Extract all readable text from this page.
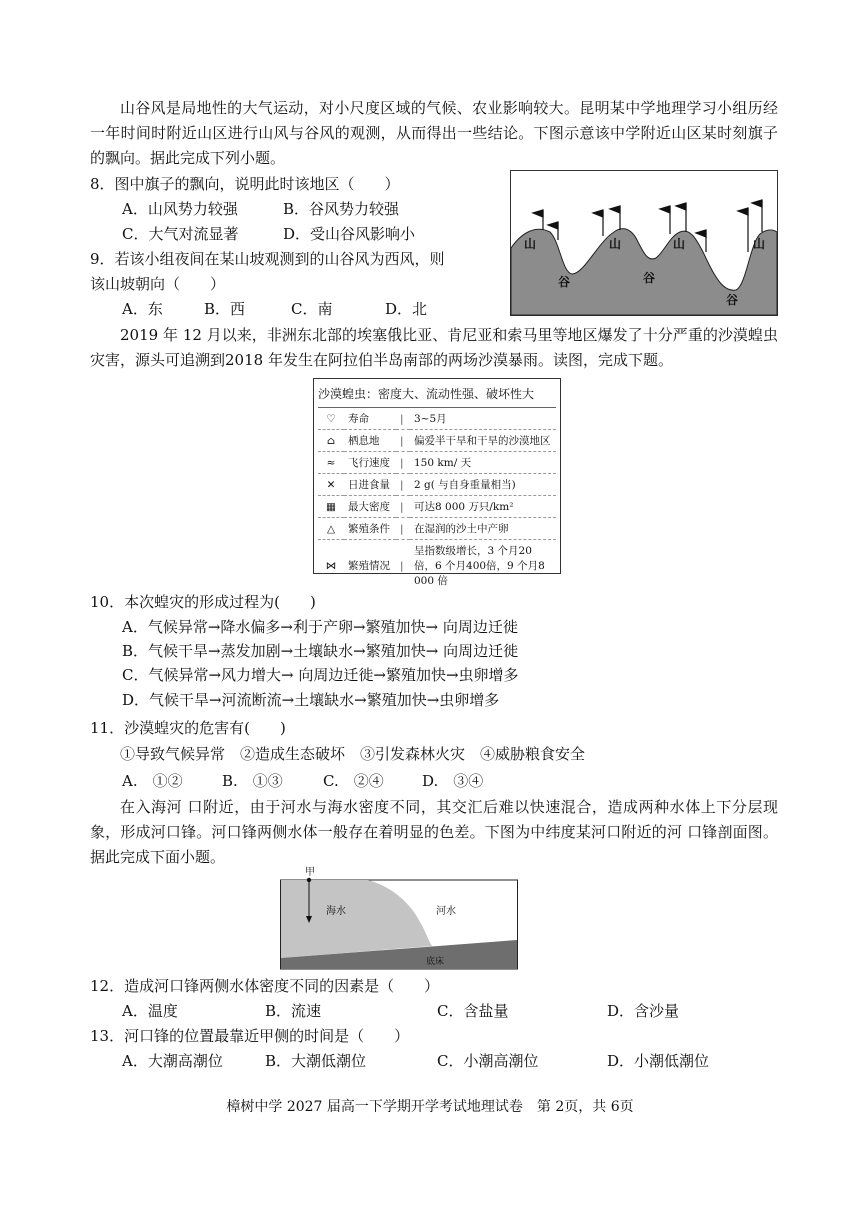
山谷风是局地性的大气运动，对小尺度区域的气候、农业影响较大。昆明某中学地理学习小组历经一年时间时附近山区进行山风与谷风的观测，从而得出一些结论。下图示意该中学附近山区某时刻旗子的飘向。据此完成下列小题。
8．图中旗子的飘向，说明此时该地区（　　）
A．山风势力较强	B．谷风势力较强
C．大气对流显著	D．受山谷风影响小
9．若该小组夜间在某山坡观测到的山谷风为西风，则
该山坡朝向（　　）
A．东	B．西	C．南	D．北
山	山	山	山
谷	谷
谷
2019 年 12 月以来，非洲东北部的埃塞俄比亚、肯尼亚和索马里等地区爆发了十分严重的沙漠蝗虫灾害，源头可追溯到2018 年发生在阿拉伯半岛南部的两场沙漠暴雨。读图，完成下题。
沙漠蝗虫：密度大、流动性强、破坏性大
♡	寿命	|	3~5月
⌂	栖息地	|	偏爱半干旱和干旱的沙漠地区
≈	飞行速度	|	150 km/ 天
✕	日进食量	|	2 g( 与自身重量相当)
▦	最大密度	|	可达8 000 万只/km²
△	繁殖条件	|	在湿润的沙土中产卵
⋈	繁殖情况	|	呈指数级增长，3 个月20 倍，6 个月400倍，9 个月8 000 倍
10．本次蝗灾的形成过程为(　　)
A．气候异常→降水偏多→利于产卵→繁殖加快→ 向周边迁徙
B．气候干旱→蒸发加剧→土壤缺水→繁殖加快→ 向周边迁徙
C．气候异常→风力增大→ 向周边迁徙→繁殖加快→虫卵增多
D．气候干旱→河流断流→土壤缺水→繁殖加快→虫卵增多
11．沙漠蝗灾的危害有(　　)
①导致气候异常　②造成生态破坏　③引发森林火灾　④威胁粮食安全
A.　①②	B.　①③	C.　②④	D.　③④
在入海河 口附近，由于河水与海水密度不同，其交汇后难以快速混合，造成两种水体上下分层现象，形成河口锋。河口锋两侧水体一般存在着明显的色差。下图为中纬度某河口附近的河 口锋剖面图。据此完成下面小题。
甲
海水	河水
底床
12．造成河口锋两侧水体密度不同的因素是（　　）
A．温度	B．流速	C．含盐量	D．含沙量
13．河口锋的位置最靠近甲侧的时间是（　　）
A．大潮高潮位	B．大潮低潮位	C．小潮高潮位	D．小潮低潮位
樟树中学 2027 届高一下学期开学考试地理试卷　第 2页，共 6页
